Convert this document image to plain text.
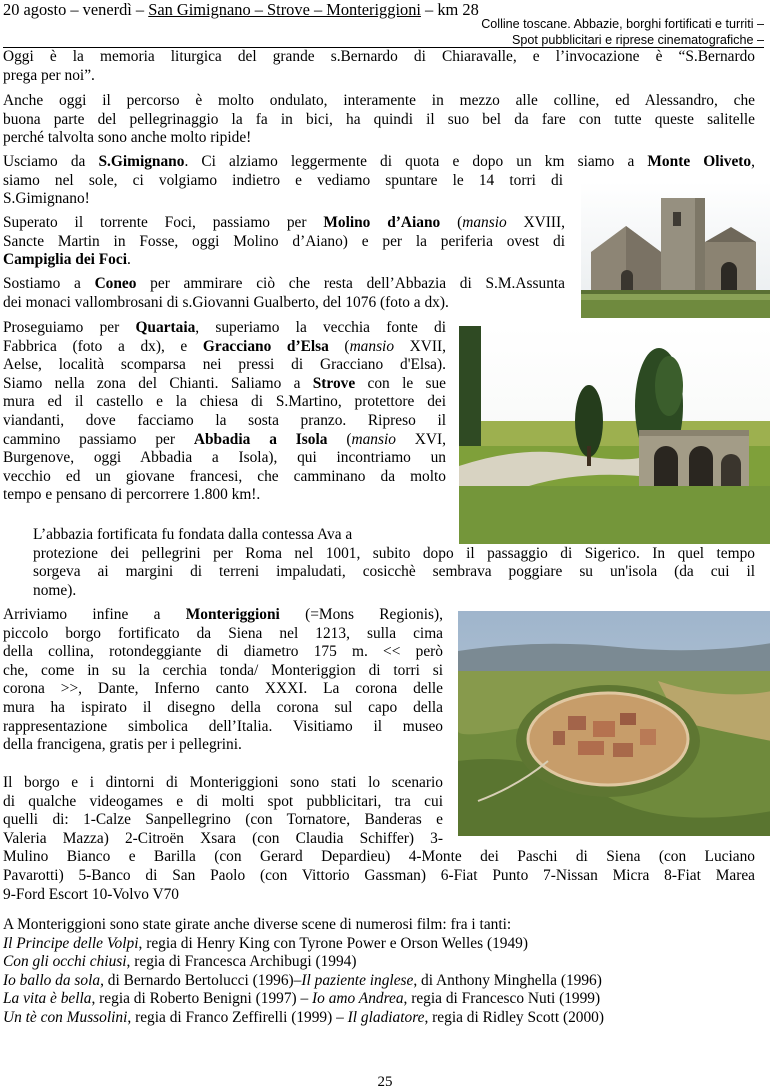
20 agosto – venerdì – San Gimignano – Strove – Monteriggioni – km 28
Colline toscane. Abbazie, borghi fortificati e turriti –
Spot pubblicitari e riprese cinematografiche –
Oggi è la memoria liturgica del grande s.Bernardo di Chiaravalle, e l’invocazione è “S.Bernardo
prega per noi”.
Anche oggi il percorso è molto ondulato, interamente in mezzo alle colline, ed Alessandro, che
buona parte del pellegrinaggio la fa in bici, ha quindi il suo bel da fare con tutte queste salitelle
perché talvolta sono anche molto ripide!
Usciamo da S.Gimignano. Ci alziamo leggermente di quota e dopo un km siamo a Monte Oliveto,
siamo nel sole, ci volgiamo indietro e vediamo spuntare le 14 torri di
S.Gimignano!
Superato il torrente Foci, passiamo per Molino d’Aiano (mansio XVIII,
Sancte Martin in Fosse, oggi Molino d’Aiano) e per la periferia ovest di
Campiglia dei Foci.
Sostiamo a Coneo per ammirare ciò che resta dell’Abbazia di S.M.Assunta
dei monaci vallombrosani di s.Giovanni Gualberto, del 1076 (foto a dx).
Proseguiamo per Quartaia, superiamo la vecchia fonte di
Fabbrica (foto a dx), e Gracciano d’Elsa (mansio XVII,
Aelse, località scomparsa nei pressi di Gracciano d'Elsa).
Siamo nella zona del Chianti. Saliamo a Strove con le sue
mura ed il castello e la chiesa di S.Martino, protettore dei
viandanti, dove facciamo la sosta pranzo. Ripreso il
cammino passiamo per Abbadia a Isola (mansio XVI,
Burgenove, oggi Abbadia a Isola), qui incontriamo un
vecchio ed un giovane francesi, che camminano da molto
tempo e pensano di percorrere 1.800 km!.
L’abbazia fortificata fu fondata dalla contessa Ava a
protezione dei pellegrini per Roma nel 1001, subito dopo il passaggio di Sigerico. In quel tempo
sorgeva ai margini di terreni impaludati, cosicchè sembrava poggiare su un'isola (da cui il
nome).
Arriviamo infine a Monteriggioni (=Mons Regionis),
piccolo borgo fortificato da Siena nel 1213, sulla cima
della collina, rotondeggiante di diametro 175 m. << però
che, come in su la cerchia tonda/ Monteriggion di torri si
corona >>, Dante, Inferno canto XXXI. La corona delle
mura ha ispirato il disegno della corona sul capo della
rappresentazione simbolica dell’Italia. Visitiamo il museo
della francigena, gratis per i pellegrini.
Il borgo e i dintorni di Monteriggioni sono stati lo scenario
di qualche videogames e di molti spot pubblicitari, tra cui
quelli di: 1-Calze Sanpellegrino (con Tornatore, Banderas e
Valeria Mazza) 2-Citroën Xsara (con Claudia Schiffer) 3-
Mulino Bianco e Barilla (con Gerard Depardieu) 4-Monte dei Paschi di Siena (con Luciano
Pavarotti) 5-Banco di San Paolo (con Vittorio Gassman) 6-Fiat Punto 7-Nissan Micra 8-Fiat Marea
9-Ford Escort 10-Volvo V70
A Monteriggioni sono state girate anche diverse scene di numerosi film: fra i tanti:
Il Principe delle Volpi, regia di Henry King con Tyrone Power e Orson Welles (1949)
Con gli occhi chiusi, regia di Francesca Archibugi (1994)
Io ballo da sola, di Bernardo Bertolucci (1996)–Il paziente inglese, di Anthony Minghella (1996)
La vita è bella, regia di Roberto Benigni (1997) – Io amo Andrea, regia di Francesco Nuti (1999)
Un tè con Mussolini, regia di Franco Zeffirelli (1999) – Il gladiatore, regia di Ridley Scott (2000)
25
